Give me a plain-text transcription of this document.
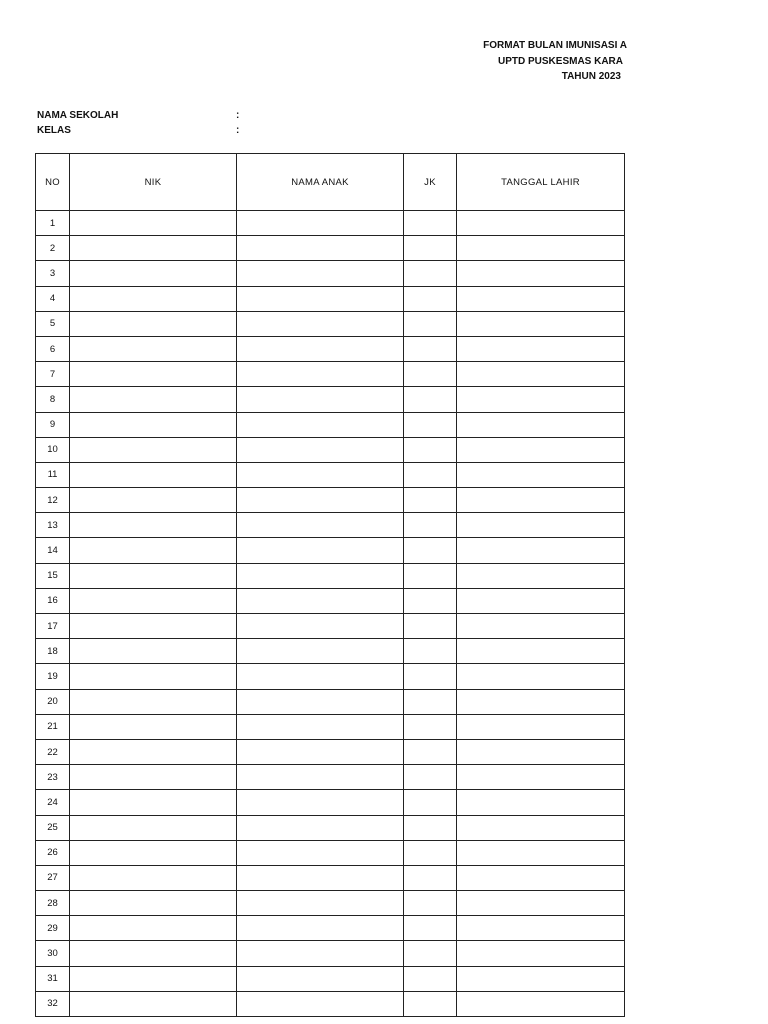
FORMAT BULAN IMUNISASI A
UPTD PUSKESMAS KARA
TAHUN 2023
NAMA SEKOLAH	:
KELAS	:
NO	NIK	NAMA ANAK	JK	TANGGAL LAHIR
1				
2				
3				
4				
5				
6				
7				
8				
9				
10				
11				
12				
13				
14				
15				
16				
17				
18				
19				
20				
21				
22				
23				
24				
25				
26				
27				
28				
29				
30				
31				
32				
